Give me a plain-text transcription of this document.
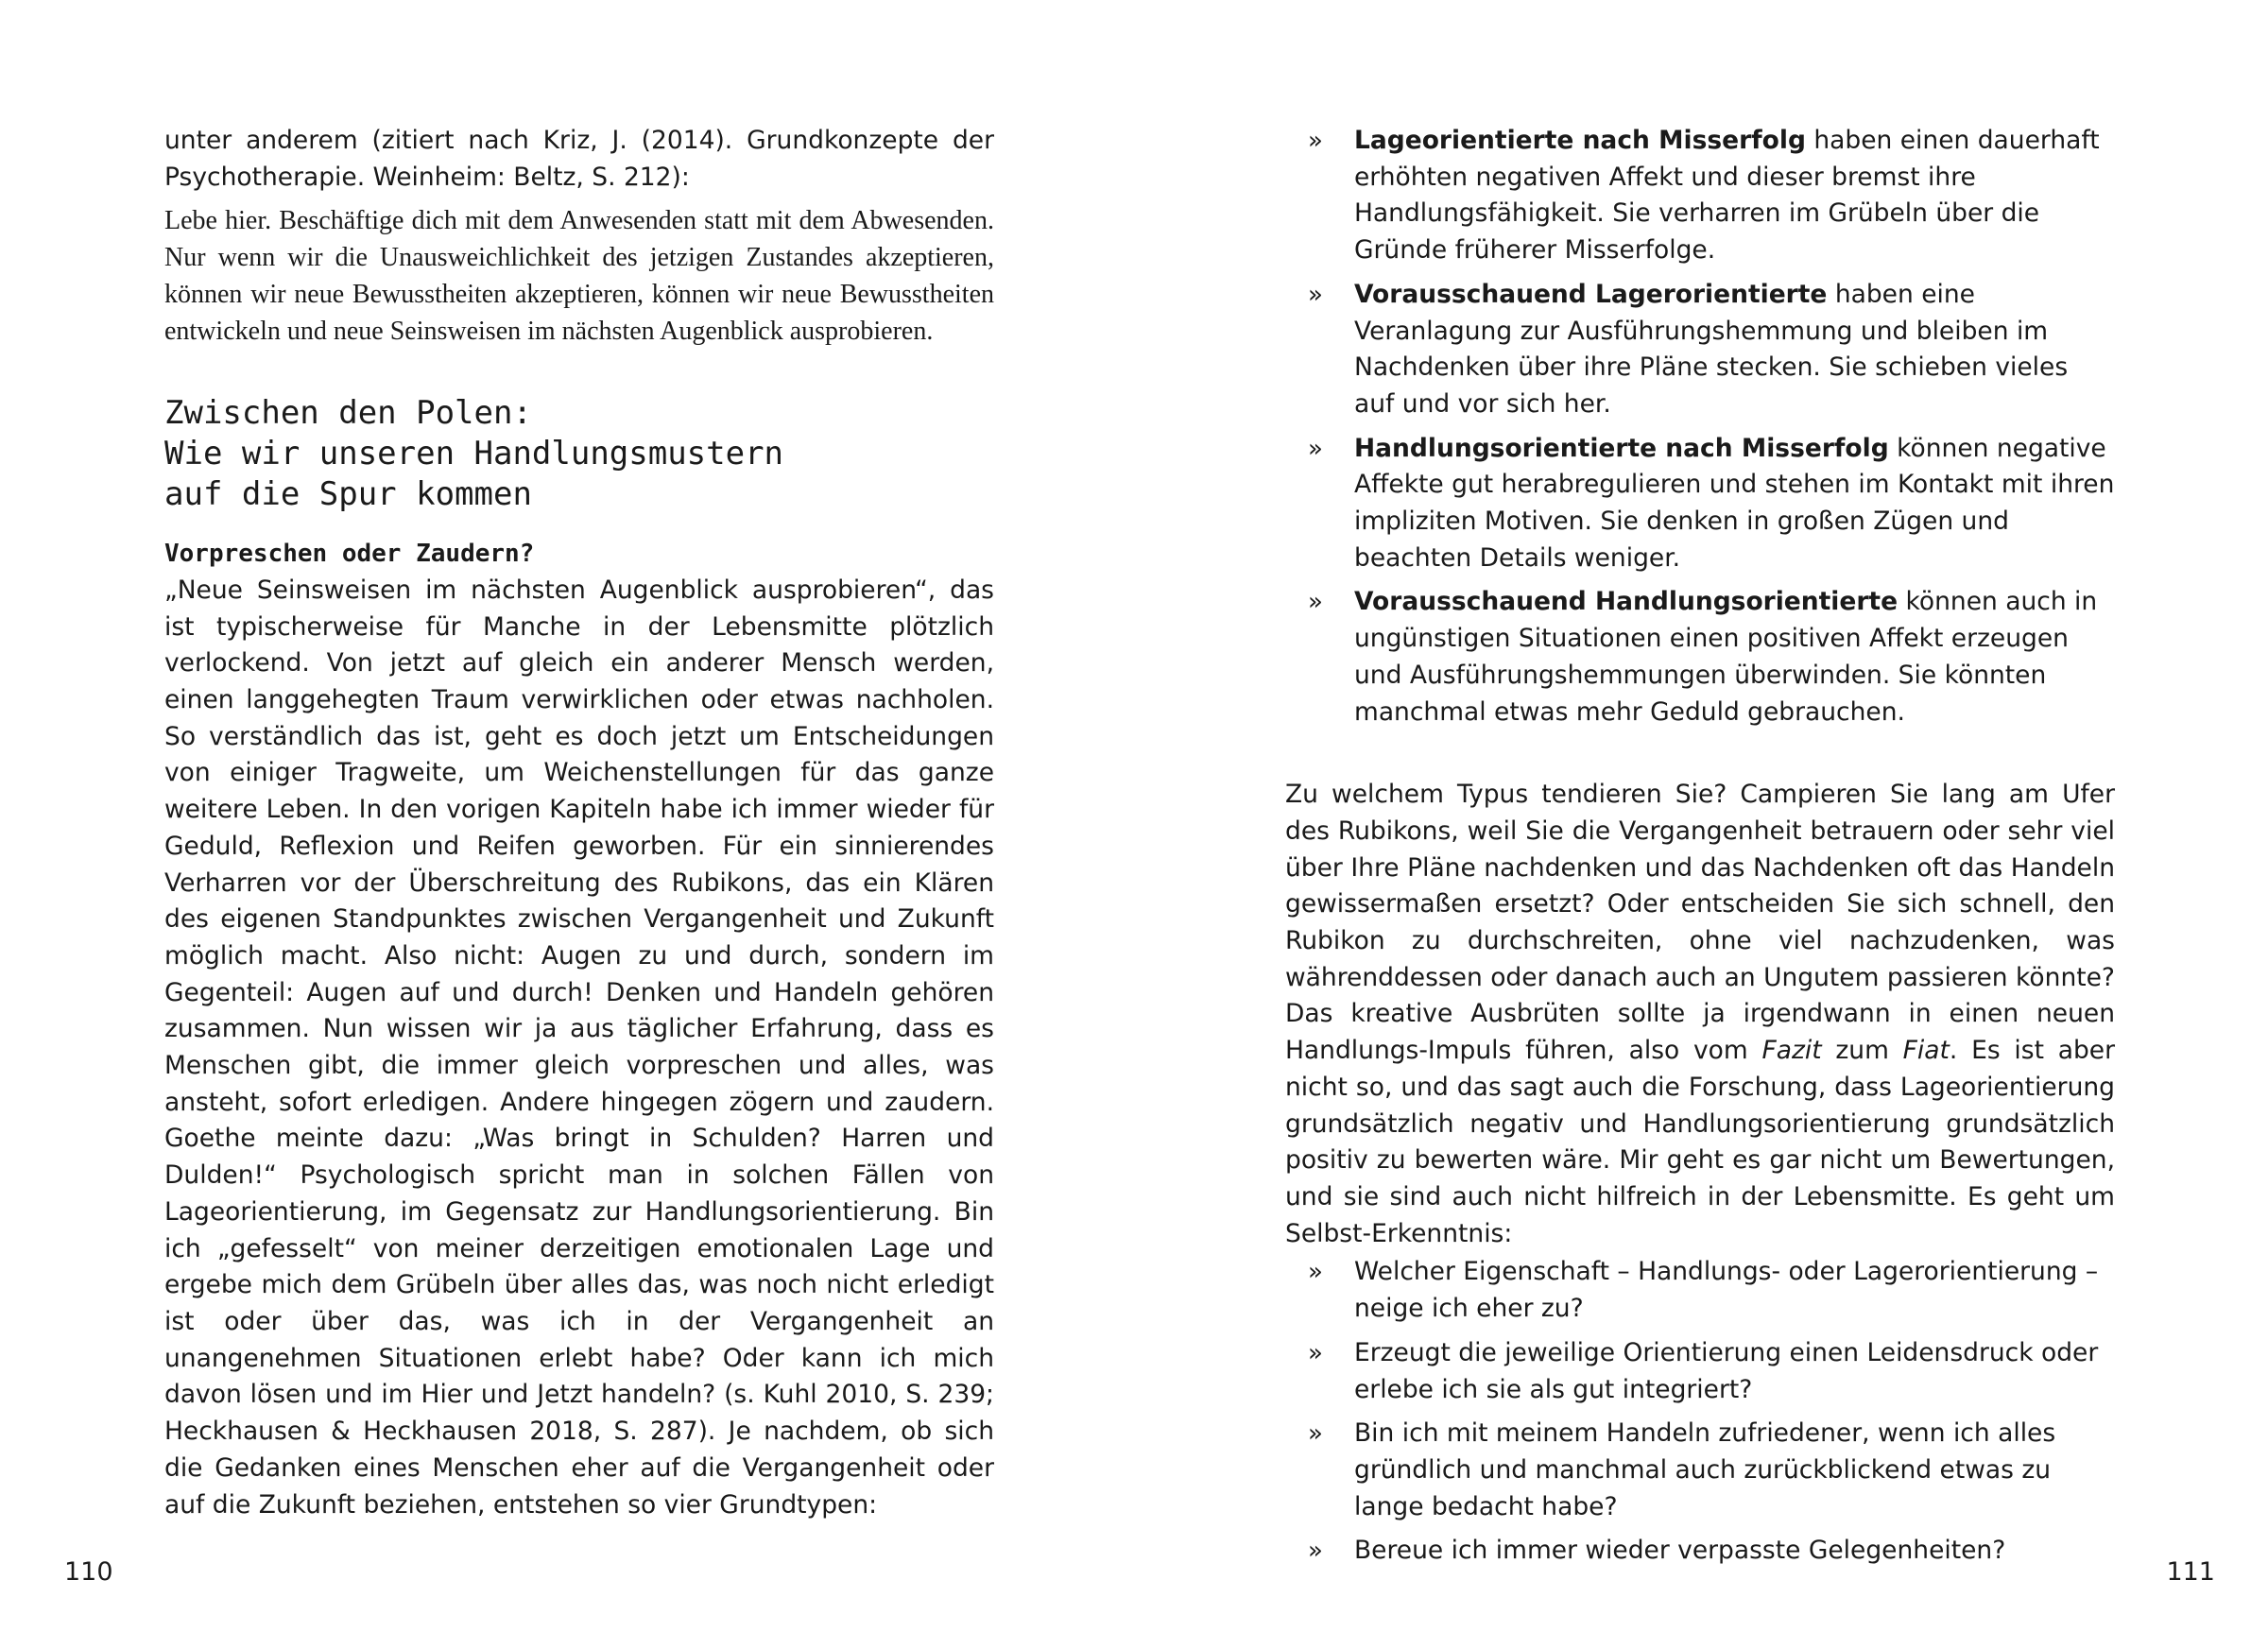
unter anderem (zitiert nach Kriz, J. (2014). Grundkonzepte der Psychotherapie. Weinheim: Beltz, S. 212):

Lebe hier. Beschäftige dich mit dem Anwesenden statt mit dem Abwesenden. Nur wenn wir die Unausweichlichkeit des jetzigen Zustandes akzeptieren, können wir neue Bewusstheiten akzeptieren, können wir neue Bewusstheiten entwickeln und neue Seinsweisen im nächsten Augenblick ausprobieren.

Zwischen den Polen:
Wie wir unseren Handlungsmustern
auf die Spur kommen
Vorpreschen oder Zaudern?

„Neue Seinsweisen im nächsten Augenblick ausprobieren“, das ist typischerweise für Manche in der Lebensmitte plötzlich verlockend. Von jetzt auf gleich ein anderer Mensch werden, einen langgehegten Traum verwirklichen oder etwas nachholen. So verständlich das ist, geht es doch jetzt um Entscheidungen von einiger Tragweite, um Weichenstellungen für das ganze weitere Leben. In den vorigen Kapiteln habe ich immer wieder für Geduld, Reflexion und Reifen geworben. Für ein sinnierendes Verharren vor der Überschreitung des Rubikons, das ein Klären des eigenen Standpunktes zwischen Vergangenheit und Zukunft möglich macht. Also nicht: Augen zu und durch, sondern im Gegenteil: Augen auf und durch! Denken und Handeln gehören zusammen. Nun wissen wir ja aus täglicher Erfahrung, dass es Menschen gibt, die immer gleich vorpreschen und alles, was ansteht, sofort erledigen. Andere hingegen zögern und zaudern. Goethe meinte dazu: „Was bringt in Schulden? Harren und Dulden!“ Psychologisch spricht man in solchen Fällen von Lageorientierung, im Gegensatz zur Handlungsorientierung. Bin ich „gefesselt“ von meiner derzeitigen emotionalen Lage und ergebe mich dem Grübeln über alles das, was noch nicht erledigt ist oder über das, was ich in der Vergangenheit an unangenehmen Situationen erlebt habe? Oder kann ich mich davon lösen und im Hier und Jetzt handeln? (s. Kuhl 2010, S. 239; Heckhausen & Heckhausen 2018, S. 287). Je nachdem, ob sich die Gedanken eines Menschen eher auf die Vergangenheit oder auf die Zukunft beziehen, entstehen so vier Grundtypen:

110
» Lageorientierte nach Misserfolg haben einen dauerhaft erhöhten negativen Affekt und dieser bremst ihre Handlungsfähigkeit. Sie verharren im Grübeln über die Gründe früherer Misserfolge.
» Vorausschauend Lagerorientierte haben eine Veranlagung zur Ausführungshemmung und bleiben im Nachdenken über ihre Pläne stecken. Sie schieben vieles auf und vor sich her.
» Handlungsorientierte nach Misserfolg können negative Affekte gut herabregulieren und stehen im Kontakt mit ihren impliziten Motiven. Sie denken in großen Zügen und beachten Details weniger.
» Vorausschauend Handlungsorientierte können auch in ungünstigen Situationen einen positiven Affekt erzeugen und Ausführungshemmungen überwinden. Sie könnten manchmal etwas mehr Geduld gebrauchen.

Zu welchem Typus tendieren Sie? Campieren Sie lang am Ufer des Rubikons, weil Sie die Vergangenheit betrauern oder sehr viel über Ihre Pläne nachdenken und das Nachdenken oft das Handeln gewissermaßen ersetzt? Oder entscheiden Sie sich schnell, den Rubikon zu durchschreiten, ohne viel nachzudenken, was währenddessen oder danach auch an Ungutem passieren könnte? Das kreative Ausbrüten sollte ja irgendwann in einen neuen Handlungs-Impuls führen, also vom Fazit zum Fiat. Es ist aber nicht so, und das sagt auch die Forschung, dass Lageorientierung grundsätzlich negativ und Handlungsorientierung grundsätzlich positiv zu bewerten wäre. Mir geht es gar nicht um Bewertungen, und sie sind auch nicht hilfreich in der Lebensmitte. Es geht um Selbst-Erkenntnis:

» Welcher Eigenschaft – Handlungs- oder Lagerorientierung – neige ich eher zu?
» Erzeugt die jeweilige Orientierung einen Leidensdruck oder erlebe ich sie als gut integriert?
» Bin ich mit meinem Handeln zufriedener, wenn ich alles gründlich und manchmal auch zurückblickend etwas zu lange bedacht habe?
» Bereue ich immer wieder verpasste Gelegenheiten?
111
